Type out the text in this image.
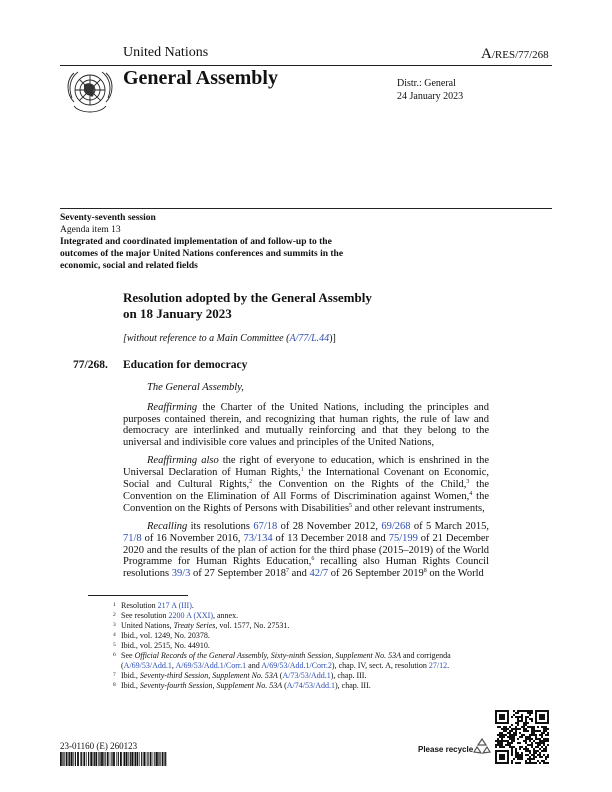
United Nations	A/RES/77/268
General Assembly	Distr.: General
24 January 2023
Seventy-seventh session
Agenda item 13
Integrated and coordinated implementation of and follow-up to the outcomes of the major United Nations conferences and summits in the economic, social and related fields
Resolution adopted by the General Assembly
on 18 January 2023
[without reference to a Main Committee (A/77/L.44)]
77/268. Education for democracy

The General Assembly,

Reaffirming the Charter of the United Nations, including the principles and purposes contained therein, and recognizing that human rights, the rule of law and democracy are interlinked and mutually reinforcing and that they belong to the universal and indivisible core values and principles of the United Nations,

Reaffirming also the right of everyone to education, which is enshrined in the Universal Declaration of Human Rights,$^1$ the International Covenant on Economic, Social and Cultural Rights,$^2$ the Convention on the Rights of the Child,$^3$ the Convention on the Elimination of All Forms of Discrimination against Women,$^4$ the Convention on the Rights of Persons with Disabilities$^5$ and other relevant instruments,

Recalling its resolutions 67/18 of 28 November 2012, 69/268 of 5 March 2015, 71/8 of 16 November 2016, 73/134 of 13 December 2018 and 75/199 of 21 December 2020 and the results of the plan of action for the third phase (2015–2019) of the World Programme for Human Rights Education,$^6$ recalling also Human Rights Council resolutions 39/3 of 27 September 2018$^7$ and 42/7 of 26 September 2019$^8$ on the World

1 Resolution 217 A (III).
2 See resolution 2200 A (XXI), annex.
3 United Nations, Treaty Series, vol. 1577, No. 27531.
4 Ibid., vol. 1249, No. 20378.
5 Ibid., vol. 2515, No. 44910.
6 See Official Records of the General Assembly, Sixty-ninth Session, Supplement No. 53A and corrigenda (A/69/53/Add.1, A/69/53/Add.1/Corr.1 and A/69/53/Add.1/Corr.2), chap. IV, sect. A, resolution 27/12.
7 Ibid., Seventy-third Session, Supplement No. 53A (A/73/53/Add.1), chap. III.
8 Ibid., Seventy-fourth Session, Supplement No. 53A (A/74/53/Add.1), chap. III.
23-01160 (E) 260123	Please recycle
